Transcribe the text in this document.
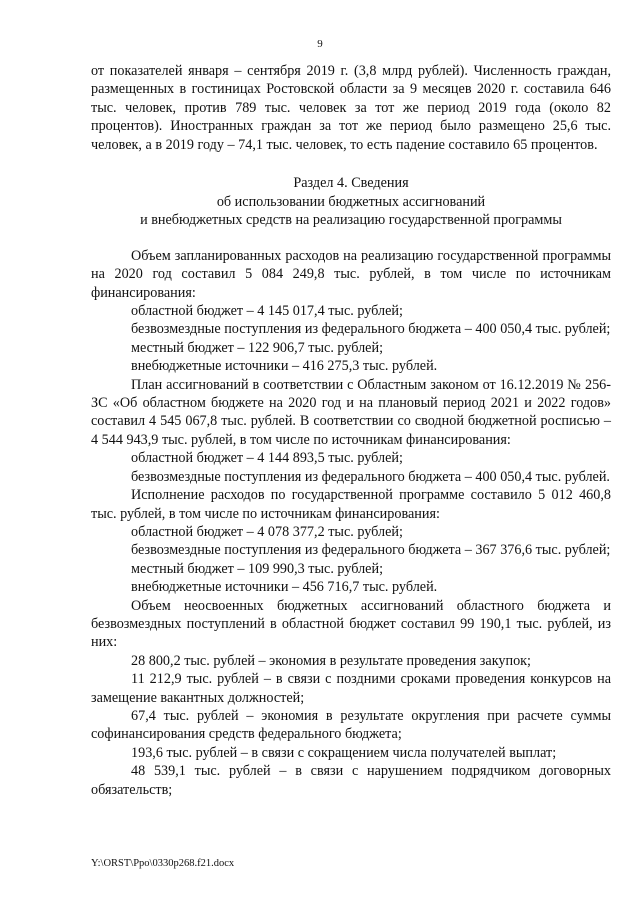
9

от показателей января – сентября 2019 г. (3,8 млрд рублей). Численность граждан, размещенных в гостиницах Ростовской области за 9 месяцев 2020 г. составила 646 тыс. человек, против 789 тыс. человек за тот же период 2019 года (около 82 процентов). Иностранных граждан за тот же период было размещено 25,6 тыс. человек, а в 2019 году – 74,1 тыс. человек, то есть падение составило 65 процентов.

Раздел 4. Сведения
об использовании бюджетных ассигнований
и внебюджетных средств на реализацию государственной программы

Объем запланированных расходов на реализацию государственной программы на 2020 год составил 5 084 249,8 тыс. рублей, в том числе по источникам финансирования:

областной бюджет – 4 145 017,4 тыс. рублей;

безвозмездные поступления из федерального бюджета – 400 050,4 тыс. рублей;

местный бюджет – 122 906,7 тыс. рублей;

внебюджетные источники – 416 275,3 тыс. рублей.

План ассигнований в соответствии с Областным законом от 16.12.2019 № 256-ЗС «Об областном бюджете на 2020 год и на плановый период 2021 и 2022 годов» составил 4 545 067,8 тыс. рублей. В соответствии со сводной бюджетной росписью – 4 544 943,9 тыс. рублей, в том числе по источникам финансирования:

областной бюджет – 4 144 893,5 тыс. рублей;

безвозмездные поступления из федерального бюджета – 400 050,4 тыс. рублей.

Исполнение расходов по государственной программе составило 5 012 460,8 тыс. рублей, в том числе по источникам финансирования:

областной бюджет – 4 078 377,2 тыс. рублей;

безвозмездные поступления из федерального бюджета – 367 376,6 тыс. рублей;

местный бюджет – 109 990,3 тыс. рублей;

внебюджетные источники – 456 716,7 тыс. рублей.

Объем неосвоенных бюджетных ассигнований областного бюджета и безвозмездных поступлений в областной бюджет составил 99 190,1 тыс. рублей, из них:

28 800,2 тыс. рублей – экономия в результате проведения закупок;

11 212,9 тыс. рублей – в связи с поздними сроками проведения конкурсов на замещение вакантных должностей;

67,4 тыс. рублей – экономия в результате округления при расчете суммы софинансирования средств федерального бюджета;

193,6 тыс. рублей – в связи с сокращением числа получателей выплат;

48 539,1 тыс. рублей – в связи с нарушением подрядчиком договорных обязательств;

Y:\ORST\Ppo\0330p268.f21.docx
